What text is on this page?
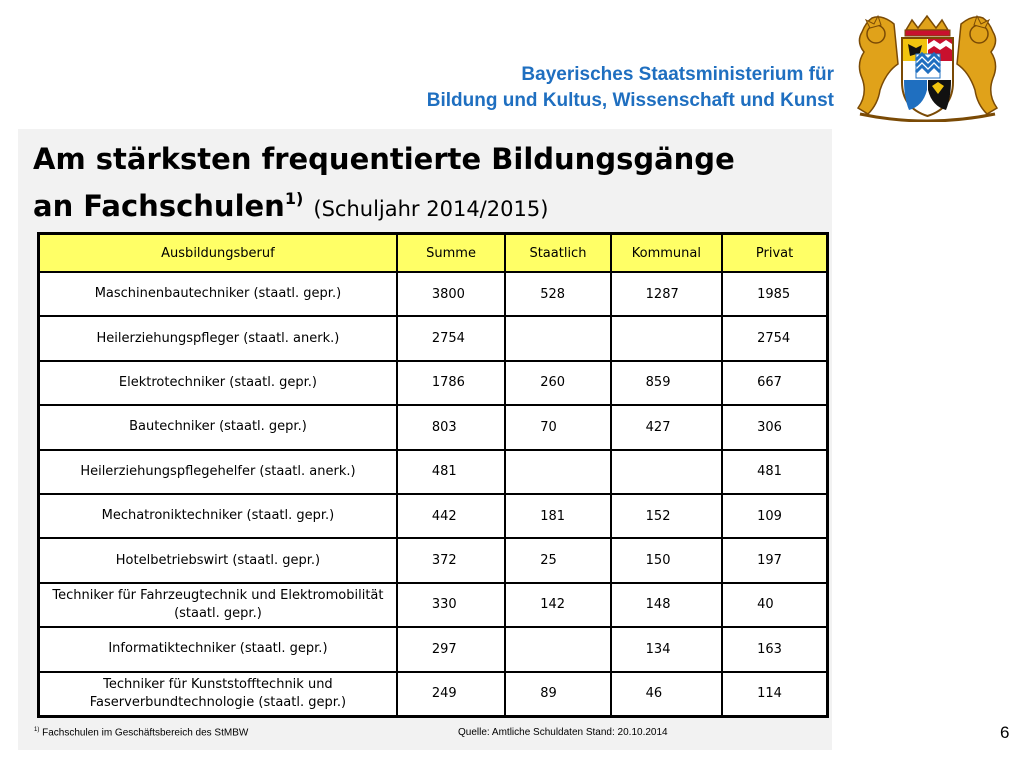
Bayerisches Staatsministerium für
Bildung und Kultus, Wissenschaft und Kunst
Am stärksten frequentierte Bildungsgänge
an Fachschulen$^{1)}$ (Schuljahr 2014/2015)
Ausbildungsberuf	Summe	Staatlich	Kommunal	Privat
Maschinenbautechniker (staatl. gepr.)	3800	528	1287	1985
Heilerziehungspfleger (staatl. anerk.)	2754			2754
Elektrotechniker (staatl. gepr.)	1786	260	859	667
Bautechniker (staatl. gepr.)	803	70	427	306
Heilerziehungspflegehelfer (staatl. anerk.)	481			481
Mechatroniktechniker (staatl. gepr.)	442	181	152	109
Hotelbetriebswirt (staatl. gepr.)	372	25	150	197
Techniker für Fahrzeugtechnik und Elektromobilität (staatl. gepr.)	330	142	148	40
Informatiktechniker (staatl. gepr.)	297		134	163
Techniker für Kunststofftechnik und Faserverbundtechnologie (staatl. gepr.)	249	89	46	114
$^{1)}$ Fachschulen im Geschäftsbereich des StMBW	Quelle: Amtliche Schuldaten Stand: 20.10.2014	6
